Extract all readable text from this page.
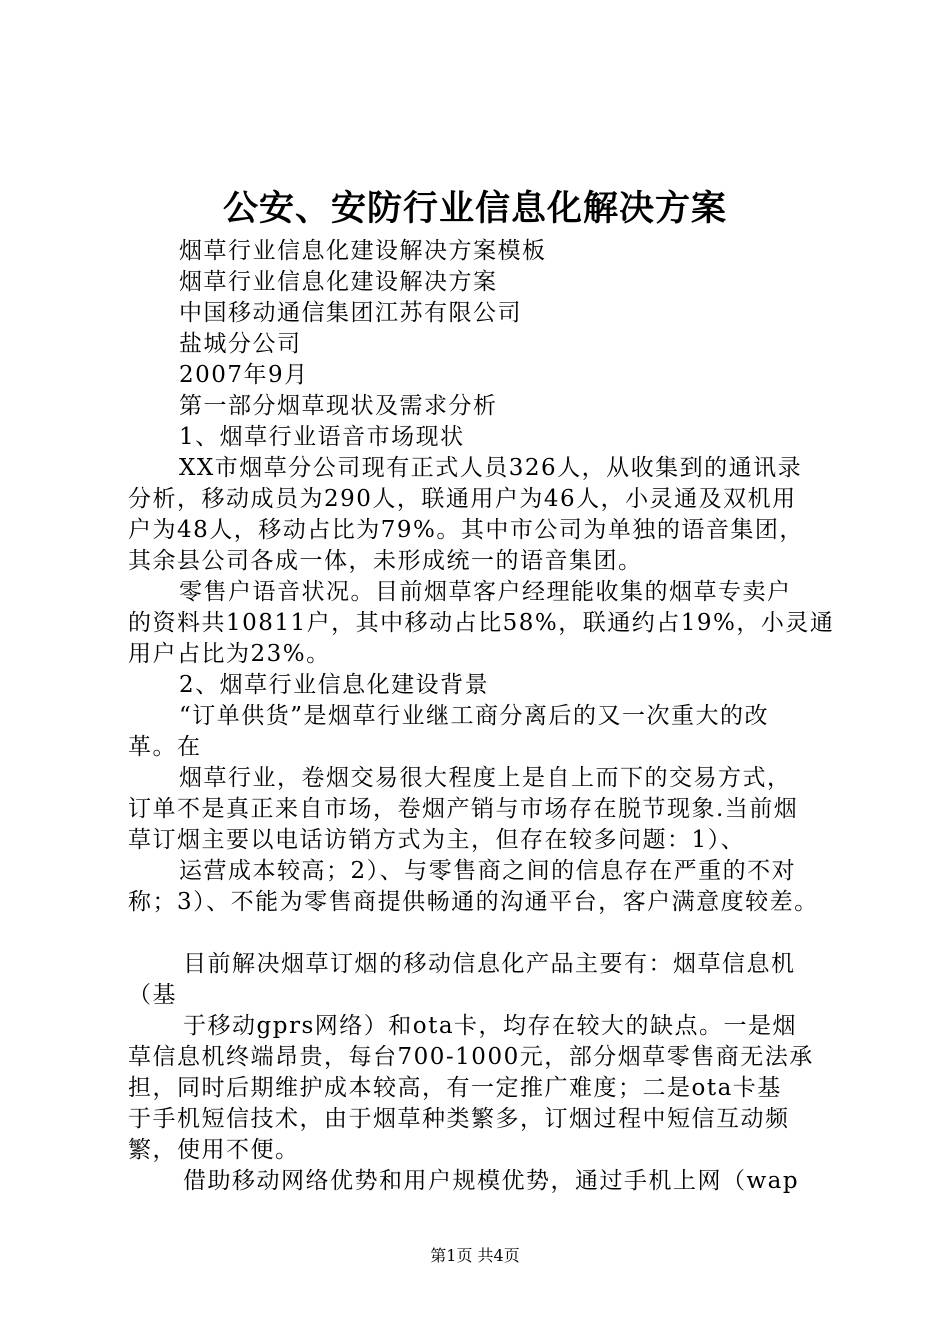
公安、安防行业信息化解决方案
烟草行业信息化建设解决方案模板
烟草行业信息化建设解决方案
中国移动通信集团江苏有限公司
盐城分公司
2007年9月
第一部分烟草现状及需求分析
1、烟草行业语音市场现状
XX市烟草分公司现有正式人员326人，从收集到的通讯录
分析，移动成员为290人，联通用户为46人，小灵通及双机用
户为48人，移动占比为79%。其中市公司为单独的语音集团，
其余县公司各成一体，未形成统一的语音集团。
零售户语音状况。目前烟草客户经理能收集的烟草专卖户
的资料共10811户，其中移动占比58%，联通约占19%，小灵通
用户占比为23%。
2、烟草行业信息化建设背景
“订单供货”是烟草行业继工商分离后的又一次重大的改
革。在
烟草行业，卷烟交易很大程度上是自上而下的交易方式，
订单不是真正来自市场，卷烟产销与市场存在脱节现象.当前烟
草订烟主要以电话访销方式为主，但存在较多问题：1）、
运营成本较高；2）、与零售商之间的信息存在严重的不对
称；3）、不能为零售商提供畅通的沟通平台，客户满意度较差。
目前解决烟草订烟的移动信息化产品主要有：烟草信息机
（基
于移动gprs网络）和ota卡，均存在较大的缺点。一是烟
草信息机终端昂贵，每台700-1000元，部分烟草零售商无法承
担，同时后期维护成本较高，有一定推广难度；二是ota卡基
于手机短信技术，由于烟草种类繁多，订烟过程中短信互动频
繁，使用不便。
借助移动网络优势和用户规模优势，通过手机上网（wap
第1页 共4页
